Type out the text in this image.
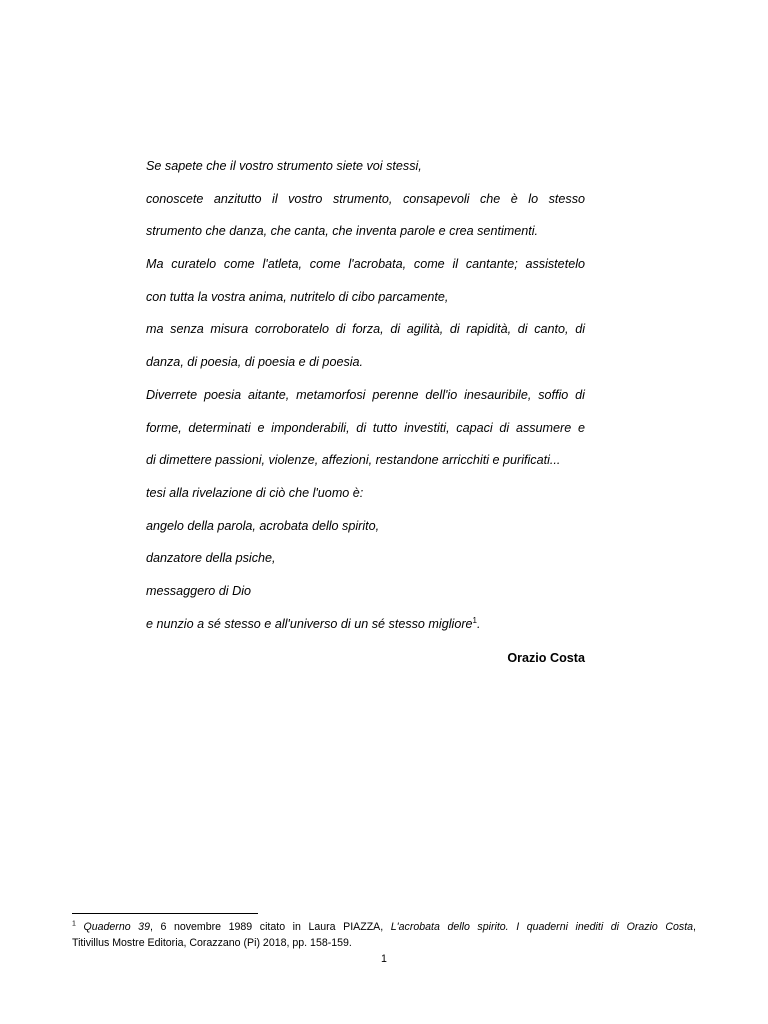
Se sapete che il vostro strumento siete voi stessi,
conoscete anzitutto il vostro strumento, consapevoli che è lo stesso
strumento che danza, che canta, che inventa parole e crea sentimenti.
Ma curatelo come l'atleta, come l'acrobata, come il cantante; assistetelo
con tutta la vostra anima, nutritelo di cibo parcamente,
ma senza misura corroboratelo di forza, di agilità, di rapidità, di canto, di
danza, di poesia, di poesia e di poesia.
Diverrete poesia aitante, metamorfosi perenne dell'io inesauribile, soffio di
forme, determinati e imponderabili, di tutto investiti, capaci di assumere e
di dimettere passioni, violenze, affezioni, restandone arricchiti e purificati...
tesi alla rivelazione di ciò che l'uomo è:
angelo della parola, acrobata dello spirito,
danzatore della psiche,
messaggero di Dio
e nunzio a sé stesso e all'universo di un sé stesso migliore$^1$.
Orazio Costa
$^1$ Quaderno 39, 6 novembre 1989 citato in Laura PIAZZA, L'acrobata dello spirito. I quaderni inediti di Orazio Costa,
Titivillus Mostre Editoria, Corazzano (Pi) 2018, pp. 158-159.
1
